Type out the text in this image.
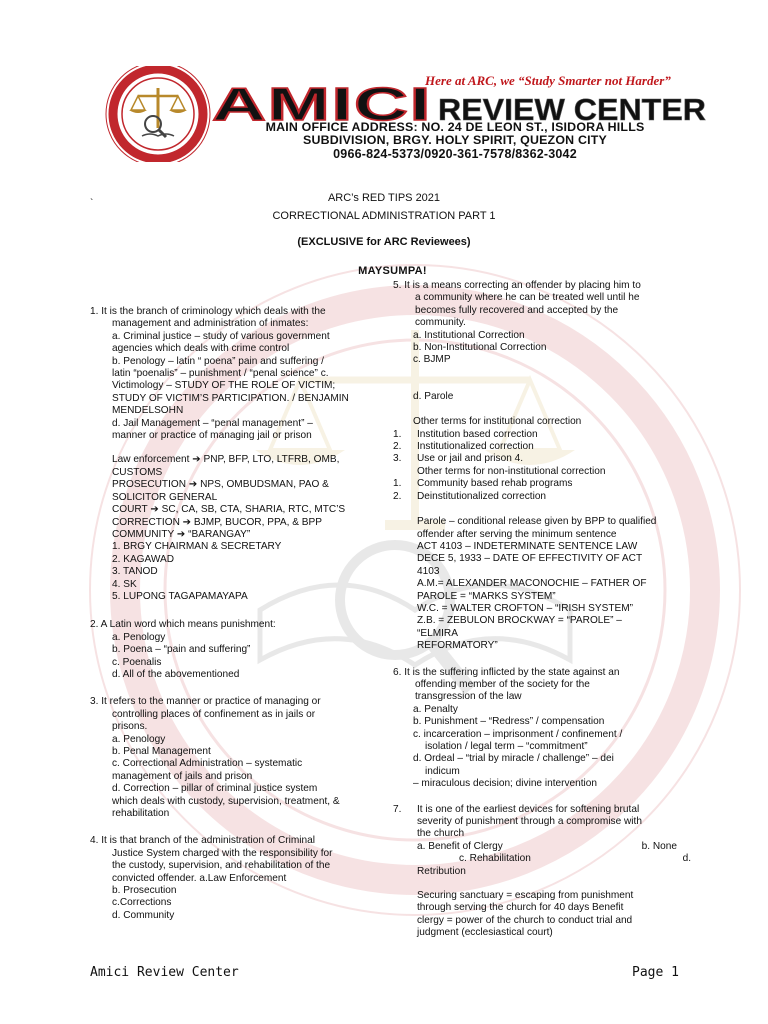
AMICI REVIEW CENTER
Here at ARC, we “Study Smarter not Harder”
MAIN OFFICE ADDRESS: NO. 24 DE LEON ST., ISIDORA HILLS
SUBDIVISION, BRGY. HOLY SPIRIT, QUEZON CITY
0966-824-5373/0920-361-7578/8362-3042
`	ARC’s RED TIPS 2021
CORRECTIONAL ADMINISTRATION PART 1
(EXCLUSIVE for ARC Reviewees)
MAYSUMPA!

1. It is the branch of criminology which deals with the

management and administration of inmates:

a. Criminal justice – study of various government

agencies which deals with crime control

b. Penology – latin “ poena” pain and suffering /

latin “poenalis” – punishment / “penal science” c.

Victimology – STUDY OF THE ROLE OF VICTIM;

STUDY OF VICTIM’S PARTICIPATION. / BENJAMIN

MENDELSOHN

d. Jail Management – “penal management” –

manner or practice of managing jail or prison

Law enforcement ➔ PNP, BFP, LTO, LTFRB, OMB,

CUSTOMS

PROSECUTION ➔ NPS, OMBUDSMAN, PAO &

SOLICITOR GENERAL

COURT ➔ SC, CA, SB, CTA, SHARIA, RTC, MTC’S

CORRECTION ➔ BJMP, BUCOR, PPA, & BPP

COMMUNITY ➔ “BARANGAY”

1. BRGY CHAIRMAN & SECRETARY

2. KAGAWAD

3. TANOD

4. SK

5. LUPONG TAGAPAMAYAPA

2. A Latin word which means punishment:

a. Penology

b. Poena – “pain and suffering”

c. Poenalis

d. All of the abovementioned

3. It refers to the manner or practice of managing or

controlling places of confinement as in jails or

prisons.

a. Penology

b. Penal Management

c. Correctional Administration – systematic

management of jails and prison

d. Correction – pillar of criminal justice system

which deals with custody, supervision, treatment, &

rehabilitation

4. It is that branch of the administration of Criminal

Justice System charged with the responsibility for

the custody, supervision, and rehabilitation of the

convicted offender. a.Law Enforcement

b. Prosecution

c.Corrections

d. Community

5. It is a means correcting an offender by placing him to

a community where he can be treated well until he

becomes fully recovered and accepted by the

community.

a. Institutional Correction

b. Non-Institutional Correction

c. BJMP

d. Parole

Other terms for institutional correction

1.	Institution based correction
2.	Institutionalized correction
3.	Use or jail and prison 4.

Other terms for non-institutional correction

1.	Community based rehab programs
2.	Deinstitutionalized correction

Parole – conditional release given by BPP to qualified

offender after serving the minimum sentence

ACT 4103 – INDETERMINATE SENTENCE LAW

DECE 5, 1933 – DATE OF EFFECTIVITY OF ACT

4103

A.M.= ALEXANDER MACONOCHIE – FATHER OF

PAROLE = “MARKS SYSTEM”

W.C. = WALTER CROFTON – “IRISH SYSTEM”

Z.B. = ZEBULON BROCKWAY = “PAROLE” –

“ELMIRA

REFORMATORY”

6. It is the suffering inflicted by the state against an

offending member of the society for the

transgression of the law

a. Penalty

b. Punishment – “Redress” / compensation

c. incarceration – imprisonment / confinement /

isolation / legal term – “commitment”

d. Ordeal – “trial by miracle / challenge” – dei

indicum

– miraculous decision; divine intervention

7.	It is one of the earliest devices for softening brutal

severity of punishment through a compromise with

the church

a. Benefit of Clergy	b. None
c. Rehabilitation	d.

Retribution

Securing sanctuary = escaping from punishment

through serving the church for 40 days Benefit

clergy = power of the church to conduct trial and

judgment (ecclesiastical court)

Amici Review Center	Page 1
